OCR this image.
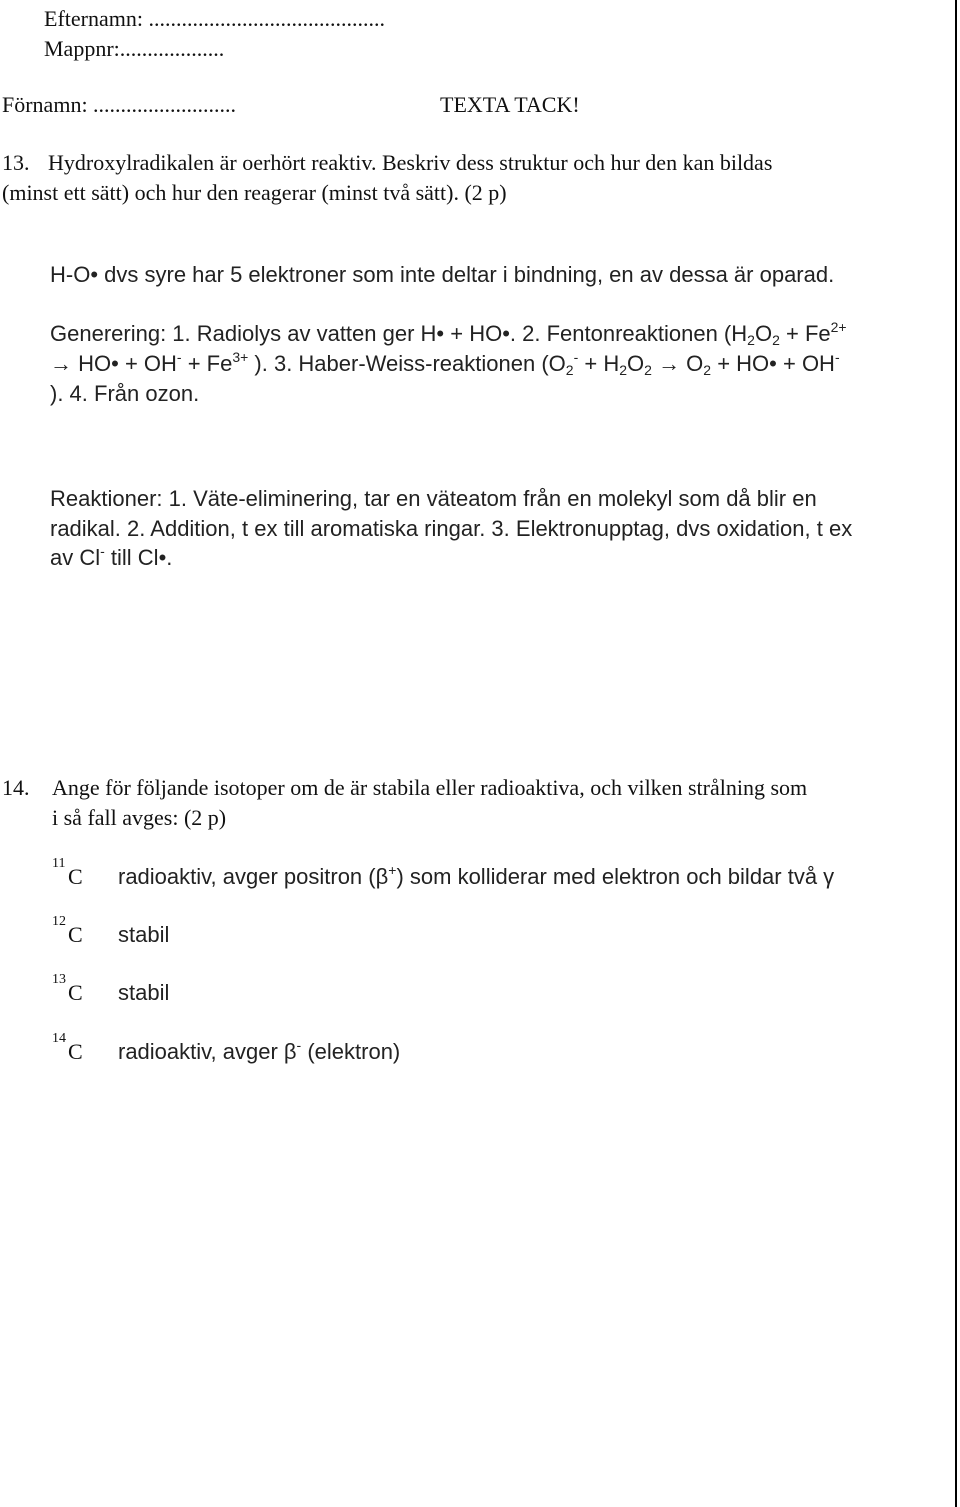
Efternamn: ...........................................
Mappnr:...................
Förnamn: ..........................	TEXTA TACK!
13. Hydroxylradikalen är oerhört reaktiv. Beskriv dess struktur och hur den kan bildas
(minst ett sätt) och hur den reagerar (minst två sätt). (2 p)
H-O• dvs syre har 5 elektroner som inte deltar i bindning, en av dessa är oparad.
Generering: 1. Radiolys av vatten ger H• + HO•. 2. Fentonreaktionen ($H_2O_2 + Fe^{2+}$
→ HO• + $OH^- + Fe^{3+}$ ). 3. Haber-Weiss-reaktionen ($O_2^- + H_2O_2 \to O_2$ + HO• + OH-
). 4. Från ozon.
Reaktioner: 1. Väte-eliminering, tar en väteatom från en molekyl som då blir en
radikal. 2. Addition, t ex till aromatiska ringar. 3. Elektronupptag, dvs oxidation, t ex
av Cl- till Cl•.
14. Ange för följande isotoper om de är stabila eller radioaktiva, och vilken strålning som
i så fall avges: (2 p)
11
C radioaktiv, avger positron (β+) som kolliderar med elektron och bildar två γ
12
C stabil
13
C stabil
14
C radioaktiv, avger β- (elektron)
